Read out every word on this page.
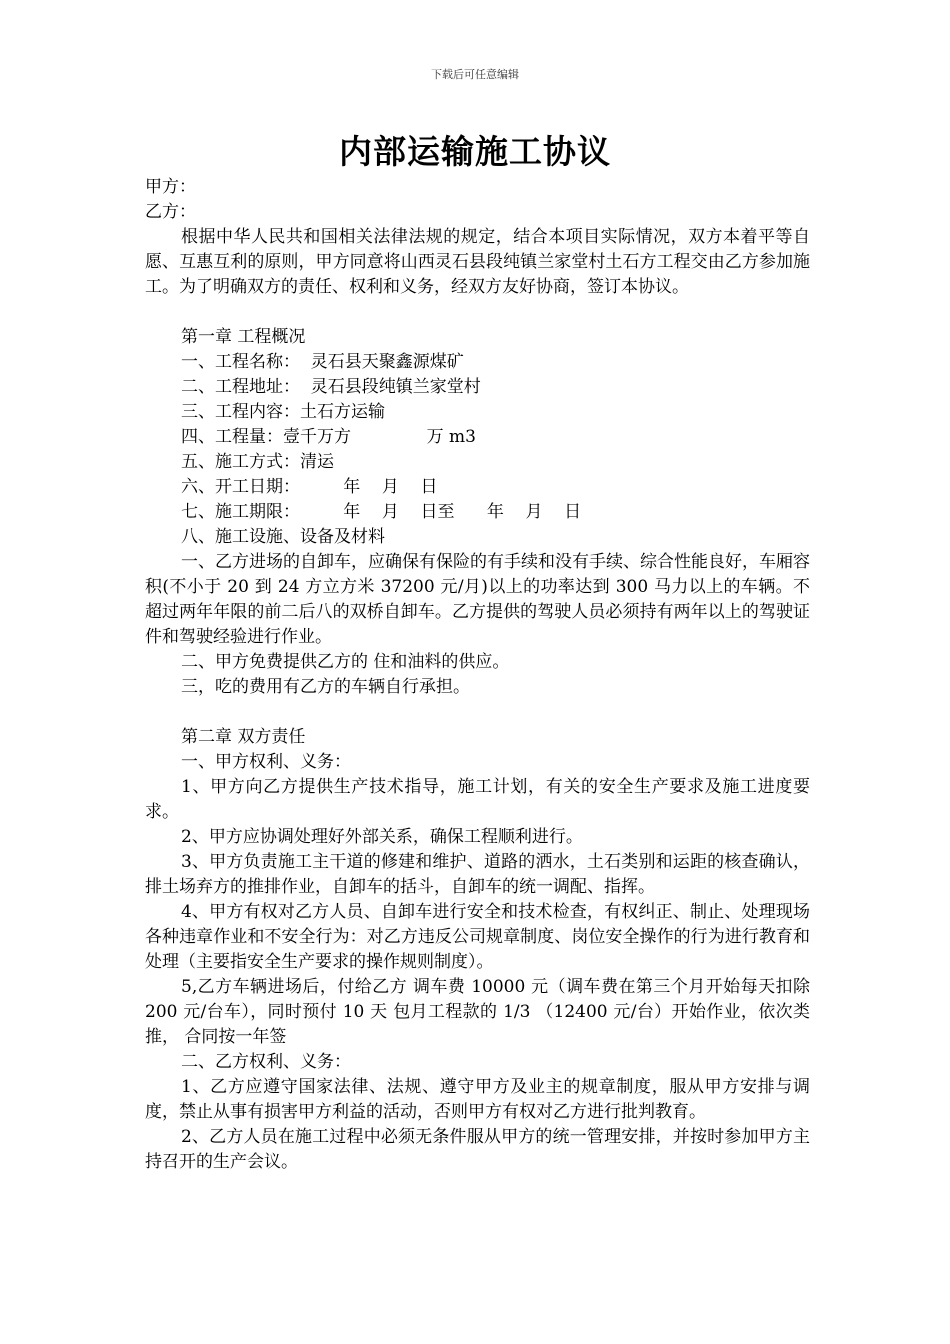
下载后可任意编辑
内部运输施工协议
甲方：
乙方：
根据中华人民共和国相关法律法规的规定，结合本项目实际情况，双方本着平等自愿、互惠互利的原则，甲方同意将山西灵石县段纯镇兰家堂村土石方工程交由乙方参加施工。为了明确双方的责任、权利和义务，经双方友好协商，签订本协议。
第一章 工程概况
一、工程名称：  灵石县天聚鑫源煤矿
二、工程地址：  灵石县段纯镇兰家堂村
三、工程内容：土石方运输
四、工程量：壹千万方              万 m3
五、施工方式：清运
六、开工日期：        年    月    日
七、施工期限：        年    月    日至      年    月    日
八、施工设施、设备及材料
一、乙方进场的自卸车，应确保有保险的有手续和没有手续、综合性能良好，车厢容积(不小于 20 到 24 方立方米 37200 元/月)以上的功率达到 300 马力以上的车辆。不超过两年年限的前二后八的双桥自卸车。乙方提供的驾驶人员必须持有两年以上的驾驶证件和驾驶经验进行作业。
二、甲方免费提供乙方的 住和油料的供应。
三，吃的费用有乙方的车辆自行承担。
第二章 双方责任
一、甲方权利、义务：
1、甲方向乙方提供生产技术指导，施工计划，有关的安全生产要求及施工进度要求。
2、甲方应协调处理好外部关系，确保工程顺利进行。
3、甲方负责施工主干道的修建和维护、道路的洒水，土石类别和运距的核查确认，排土场弃方的推排作业，自卸车的括斗，自卸车的统一调配、指挥。
4、甲方有权对乙方人员、自卸车进行安全和技术检查，有权纠正、制止、处理现场各种违章作业和不安全行为：对乙方违反公司规章制度、岗位安全操作的行为进行教育和处理（主要指安全生产要求的操作规则制度）。
5,乙方车辆进场后，付给乙方 调车费 10000 元（调车费在第三个月开始每天扣除 200 元/台车），同时预付 10 天 包月工程款的 1/3 （12400 元/台）开始作业，依次类推， 合同按一年签
二、乙方权利、义务：
1、乙方应遵守国家法律、法规、遵守甲方及业主的规章制度，服从甲方安排与调度，禁止从事有损害甲方利益的活动，否则甲方有权对乙方进行批判教育。
2、乙方人员在施工过程中必须无条件服从甲方的统一管理安排，并按时参加甲方主持召开的生产会议。
